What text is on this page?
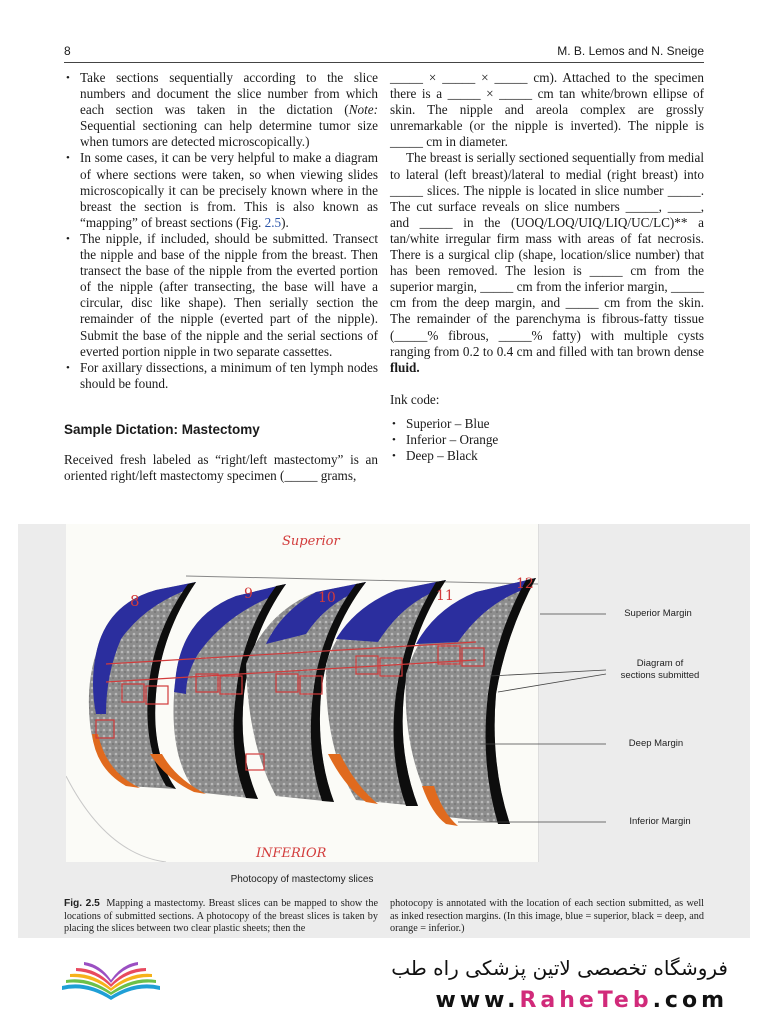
8	M. B. Lemos and N. Sneige
• Take sections sequentially according to the slice numbers and document the slice number from which each section was taken in the dictation (Note: Sequential sectioning can help determine tumor size when tumors are detected microscopically.)
• In some cases, it can be very helpful to make a diagram of where sections were taken, so when viewing slides microscopically it can be precisely known where in the breast the section is from. This is also known as “mapping” of breast sections (Fig. 2.5).
• The nipple, if included, should be submitted. Transect the nipple and base of the nipple from the breast. Then transect the base of the nipple from the everted portion of the nipple (after transecting, the base will have a circular, disc like shape). Then serially section the remainder of the nipple (everted part of the nipple). Submit the base of the nipple and the serial sections of everted portion nipple in two separate cassettes.
• For axillary dissections, a minimum of ten lymph nodes should be found.

Sample Dictation: Mastectomy

Received fresh labeled as “right/left mastectomy” is an oriented right/left mastectomy specimen (_____ grams,

_____ × _____ × _____ cm). Attached to the specimen there is a _____ × _____ cm tan white/brown ellipse of skin. The nipple and areola complex are grossly unremarkable (or the nipple is inverted). The nipple is _____ cm in diameter.

The breast is serially sectioned sequentially from medial to lateral (left breast)/lateral to medial (right breast) into _____ slices. The nipple is located in slice number _____. The cut surface reveals on slice numbers _____, _____, and _____ in the (UOQ/LOQ/UIQ/LIQ/UC/LC)** a tan/white irregular firm mass with areas of fat necrosis. There is a surgical clip (shape, location/slice number) that has been removed. The lesion is _____ cm from the superior margin, _____ cm from the inferior margin, _____ cm from the deep margin, and _____ cm from the skin. The remainder of the parenchyma is fibrous-fatty tissue (_____% fibrous, _____% fatty) with multiple cysts ranging from 0.2 to 0.4 cm and filled with tan brown dense fluid.

Ink code:

• Superior – Blue
• Inferior – Orange
• Deep – Black
Superior
INFERIOR
8	9	10	11
12
Superior Margin
Diagram of
sections submitted
Deep Margin
Inferior Margin
Photocopy of mastectomy slices
Fig. 2.5 Mapping a mastectomy. Breast slices can be mapped to show the locations of submitted sections. A photocopy of the breast slices is taken by placing the slices between two clear plastic sheets; then the
photocopy is annotated with the location of each section submitted, as well as inked resection margins. (In this image, blue = superior, black = deep, and orange = inferior.)
فروشگاه تخصصی لاتین پزشکی راه طب
www.RaheTeb.com
